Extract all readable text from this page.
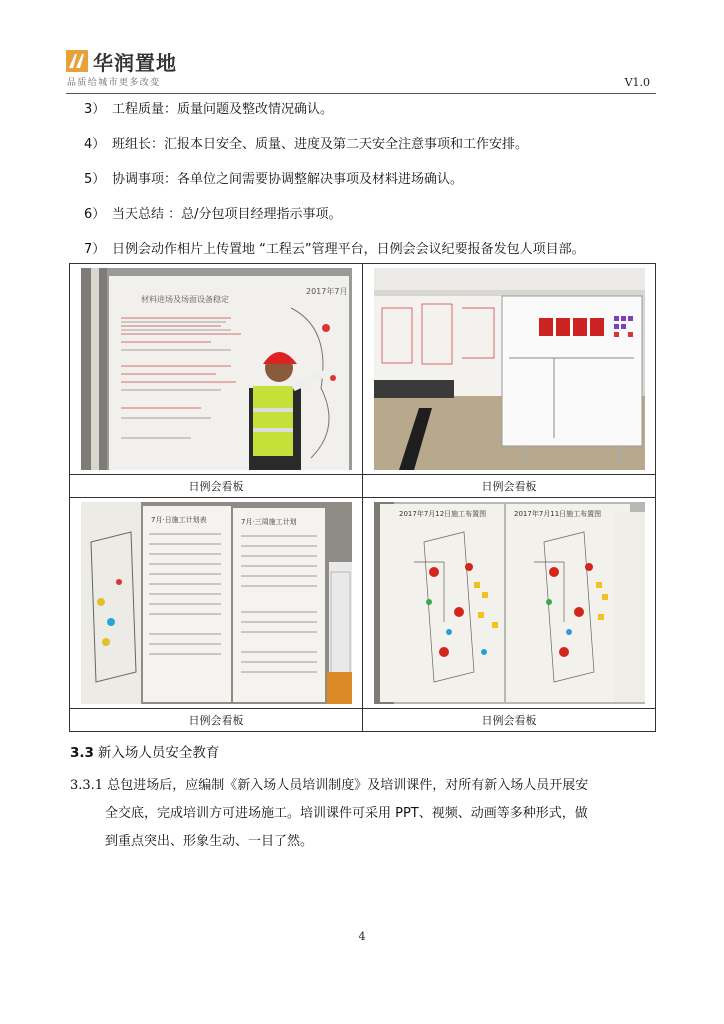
华润置地
品质给城市更多改变	V1.0
3） 工程质量：质量问题及整改情况确认。
4） 班组长：汇报本日安全、质量、进度及第二天安全注意事项和工作安排。
5） 协调事项：各单位之间需要协调整解决事项及材料进场确认。
6） 当天总结 ：总/分包项目经理指示事项。
7） 日例会动作相片上传置地 “工程云”管理平台，日例会会议纪要报备发包人项目部。
材料进场及场面设备稳定
2017年7月

日例会看板	日例会看板

7月·日施工计划表 7月·三周施工计划	2017年7月12日施工布置图 2017年7月11日施工布置图

日例会看板	日例会看板
3.3 新入场人员安全教育
3.3.1 总包进场后，应编制《新入场人员培训制度》及培训课件，对所有新入场人员开展安
全交底，完成培训方可进场施工。培训课件可采用 PPT、视频、动画等多种形式，做
到重点突出、形象生动、一目了然。
4
